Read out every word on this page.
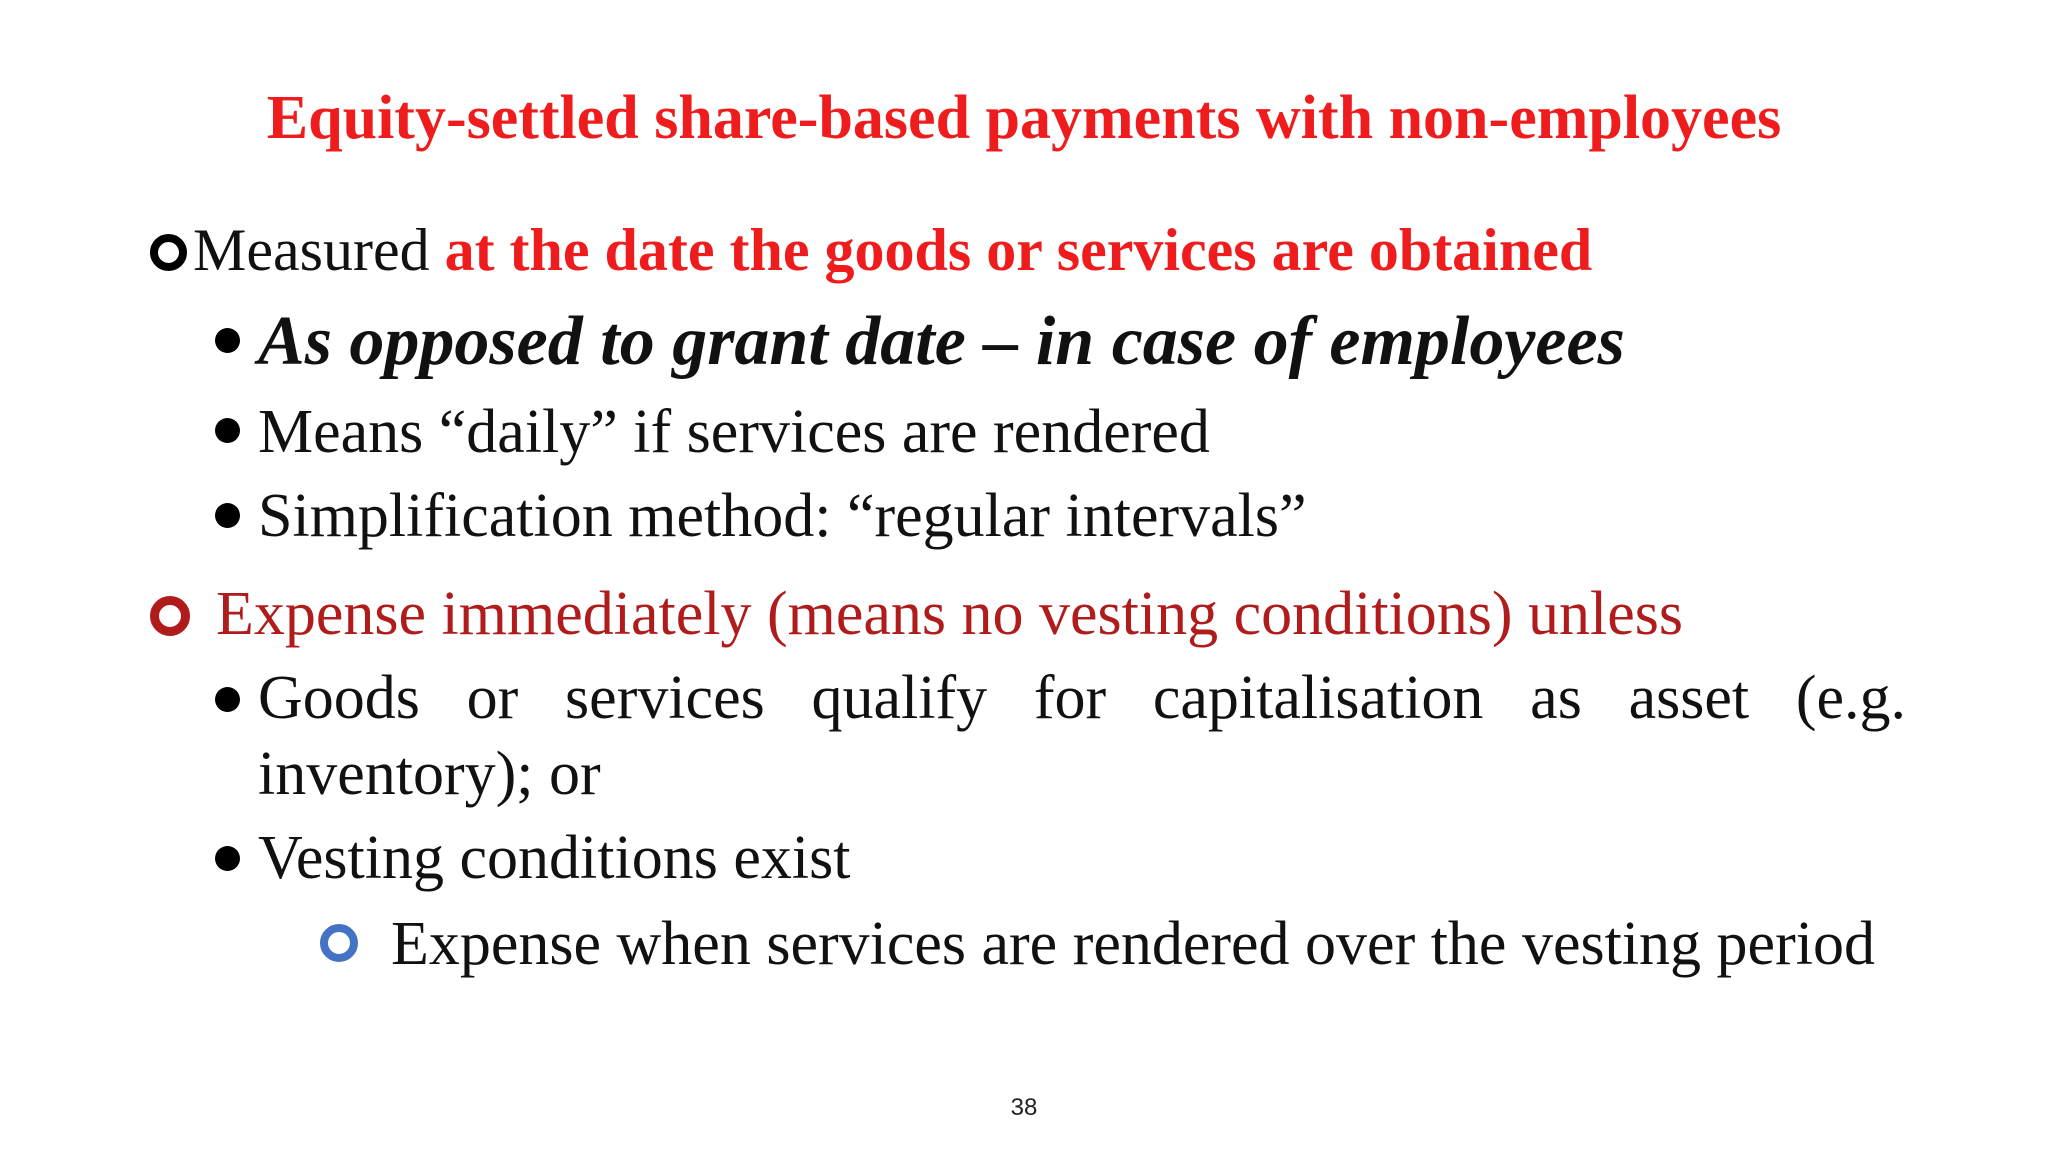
Equity-settled share-based payments with non-employees
Measured at the date the goods or services are obtained
As opposed to grant date – in case of employees
Means “daily” if services are rendered
Simplification method: “regular intervals”
Expense immediately (means no vesting conditions) unless
Goods or services qualify for capitalisation as asset (e.g. inventory); or
Vesting conditions exist
Expense when services are rendered over the vesting period
38
